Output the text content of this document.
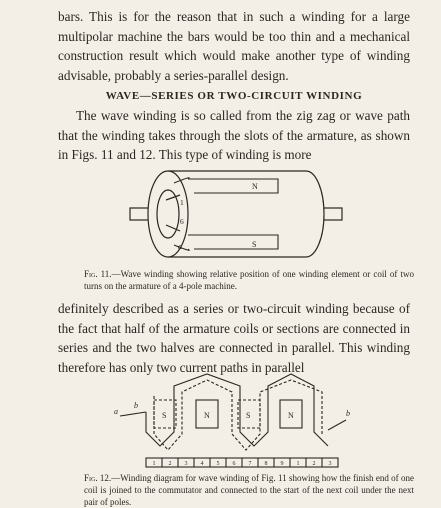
bars. This is for the reason that in such a winding for a large multipolar machine the bars would be too thin and a mechanical construction result which would make another type of winding advisable, probably a series-parallel design.

WAVE—SERIES OR TWO-CIRCUIT WINDING

The wave winding is so called from the zig zag or wave path that the winding takes through the slots of the armature, as shown in Figs. 11 and 12. This type of winding is more

N
S
1
6
a

Fig. 11.—Wave winding showing relative position of one winding element or coil of two turns on the armature of a 4-pole machine.

definitely described as a series or two-circuit winding because of the fact that half of the armature coils or sections are connected in series and the two halves are connected in parallel. This winding therefore has only two current paths in parallel

S	N	S	N
a
b
b
1 2 3 4 5 6 7 8 9 1 2 3

Fig. 12.—Winding diagram for wave winding of Fig. 11 showing how the finish end of one coil is joined to the commutator and connected to the start of the next coil under the next pair of poles.
